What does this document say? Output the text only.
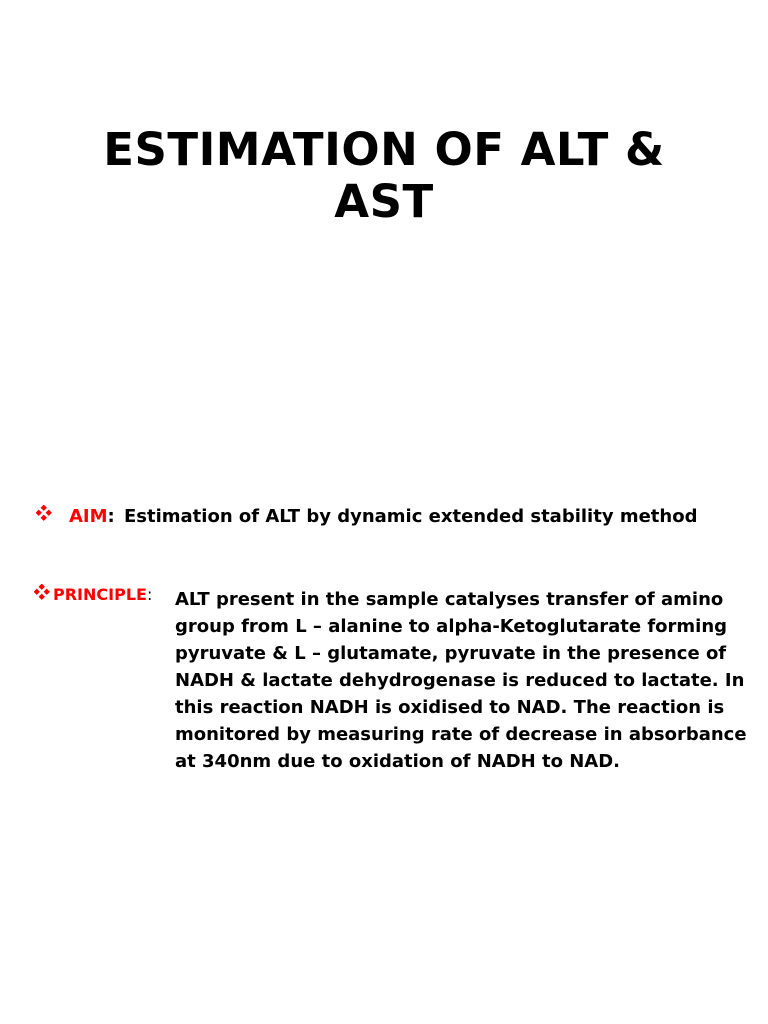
ESTIMATION OF ALT &
AST
AIM: Estimation of ALT by dynamic extended stability method
PRINCIPLE: ALT present in the sample catalyses transfer of amino
group from L – alanine to alpha-Ketoglutarate forming
pyruvate & L – glutamate, pyruvate in the presence of
NADH & lactate dehydrogenase is reduced to lactate. In
this reaction NADH is oxidised to NAD. The reaction is
monitored by measuring rate of decrease in absorbance
at 340nm due to oxidation of NADH to NAD.
